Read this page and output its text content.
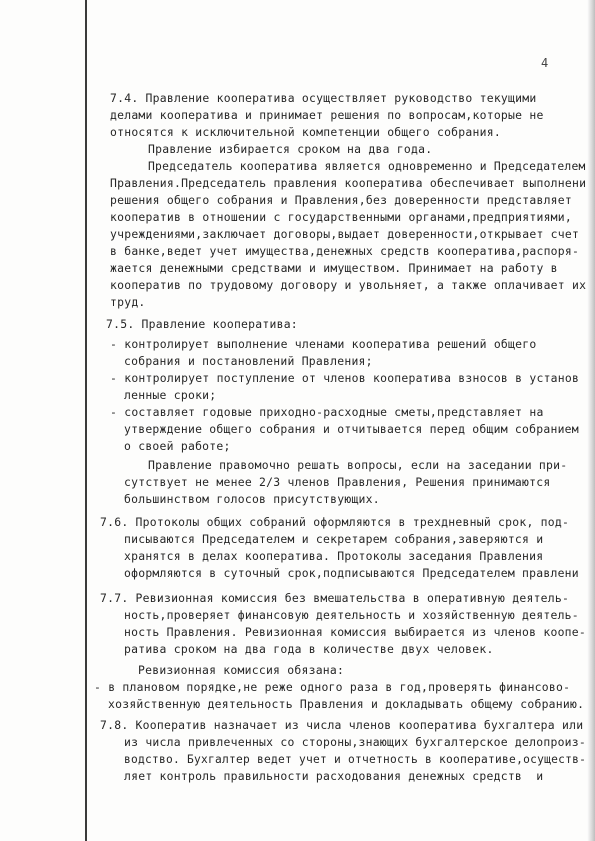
4
7.4. Правление кооператива осуществляет руководство текущими
делами кооператива и принимает решения по вопросам,которые не
относятся к исключительной компетенции общего собрания.
Правление избирается сроком на два года.
Председатель кооператива является одновременно и Председателем
Правления.Председатель правления кооператива обеспечивает выполнени
решения общего собрания и Правления,без доверенности представляет
кооператив в отношении с государственными органами,предприятиями,
учреждениями,заключает договоры,выдает доверенности,открывает счет
в банке,ведет учет имущества,денежных средств кооператива,распоря-
жается денежными средствами и имуществом. Принимает на работу в
кооператив по трудовому договору и увольняет, а также оплачивает их
труд.
7.5. Правление кооператива:
- контролирует выполнение членами кооператива решений общего
собрания и постановлений Правления;
- контролирует поступление от членов кооператива взносов в установ
ленные сроки;
- составляет годовые приходно-расходные сметы,представляет на
утверждение общего собрания и отчитывается перед общим собранием
о своей работе;
Правление правомочно решать вопросы, если на заседании при-
сутствует не менее 2/3 членов Правления, Решения принимаются
большинством голосов присутствующих.
7.6. Протоколы общих собраний оформляются в трехдневный срок, под-
писываются Председателем и секретарем собрания,заверяются и
хранятся в делах кооператива. Протоколы заседания Правления
оформляются в суточный срок,подписываются Председателем правлени
7.7. Ревизионная комиссия без вмешательства в оперативную деятель-
ность,проверяет финансовую деятельность и хозяйственную деятель-
ность Правления. Ревизионная комиссия выбирается из членов коопе-
ратива сроком на два года в количестве двух человек.
Ревизионная комиссия обязана:
- в плановом порядке,не реже одного раза в год,проверять финансово-
хозяйственную деятельность Правления и докладывать общему собранию.
7.8. Кооператив назначает из числа членов кооператива бухгалтера или
из числа привлеченных со стороны,знающих бухгалтерское делопроиз-
водство. Бухгалтер ведет учет и отчетность в кооперативе,осуществ-
ляет контроль правильности расходования денежных средств  и
